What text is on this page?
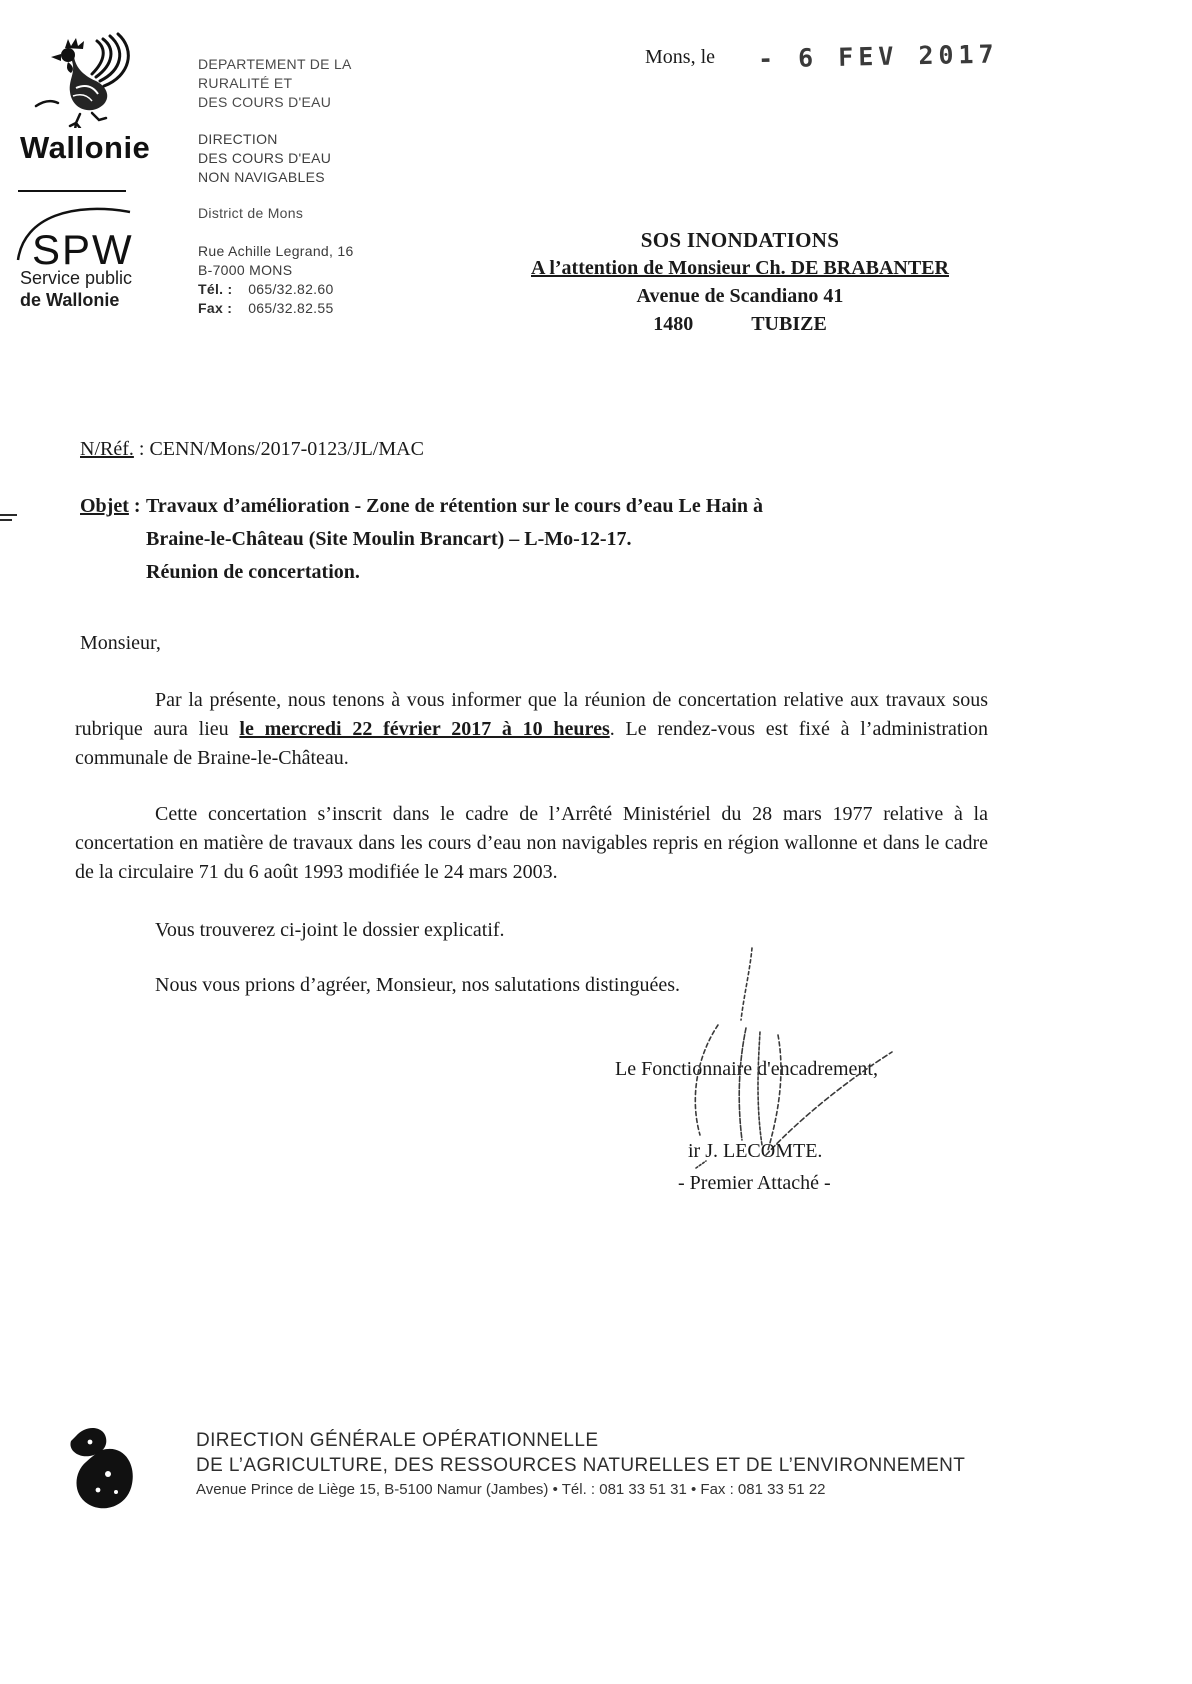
Wallonie
SPW
Service public
de Wallonie
DEPARTEMENT DE LA
RURALITÉ ET
DES COURS D'EAU
DIRECTION
DES COURS D'EAU
NON NAVIGABLES
District de Mons
Rue Achille Legrand, 16
B-7000 MONS
Tél. : 065/32.82.60
Fax : 065/32.82.55
Mons, le - 6 FEV 2017
SOS INONDATIONS
A l’attention de Monsieur Ch. DE BRABANTER
Avenue de Scandiano 41
1480	TUBIZE
N/Réf. : CENN/Mons/2017-0123/JL/MAC
Objet : Travaux d’amélioration - Zone de rétention sur le cours d’eau Le Hain à
Braine-le-Château (Site Moulin Brancart) – L-Mo-12-17.
Réunion de concertation.
Monsieur,
Par la présente, nous tenons à vous informer que la réunion de concertation relative aux travaux sous rubrique aura lieu le mercredi 22 février 2017 à 10 heures. Le rendez-vous est fixé à l’administration communale de Braine-le-Château.
Cette concertation s’inscrit dans le cadre de l’Arrêté Ministériel du 28 mars 1977 relative à la concertation en matière de travaux dans les cours d’eau non navigables repris en région wallonne et dans le cadre de la circulaire 71 du 6 août 1993 modifiée le 24 mars 2003.
Vous trouverez ci-joint le dossier explicatif.
Nous vous prions d’agréer, Monsieur, nos salutations distinguées.
Le Fonctionnaire d'encadrement,
ir J. LECOMTE.
- Premier Attaché -
DIRECTION GÉNÉRALE OPÉRATIONNELLE
DE L’AGRICULTURE, DES RESSOURCES NATURELLES ET DE L’ENVIRONNEMENT
Avenue Prince de Liège 15, B-5100 Namur (Jambes) • Tél. : 081 33 51 31 • Fax : 081 33 51 22
